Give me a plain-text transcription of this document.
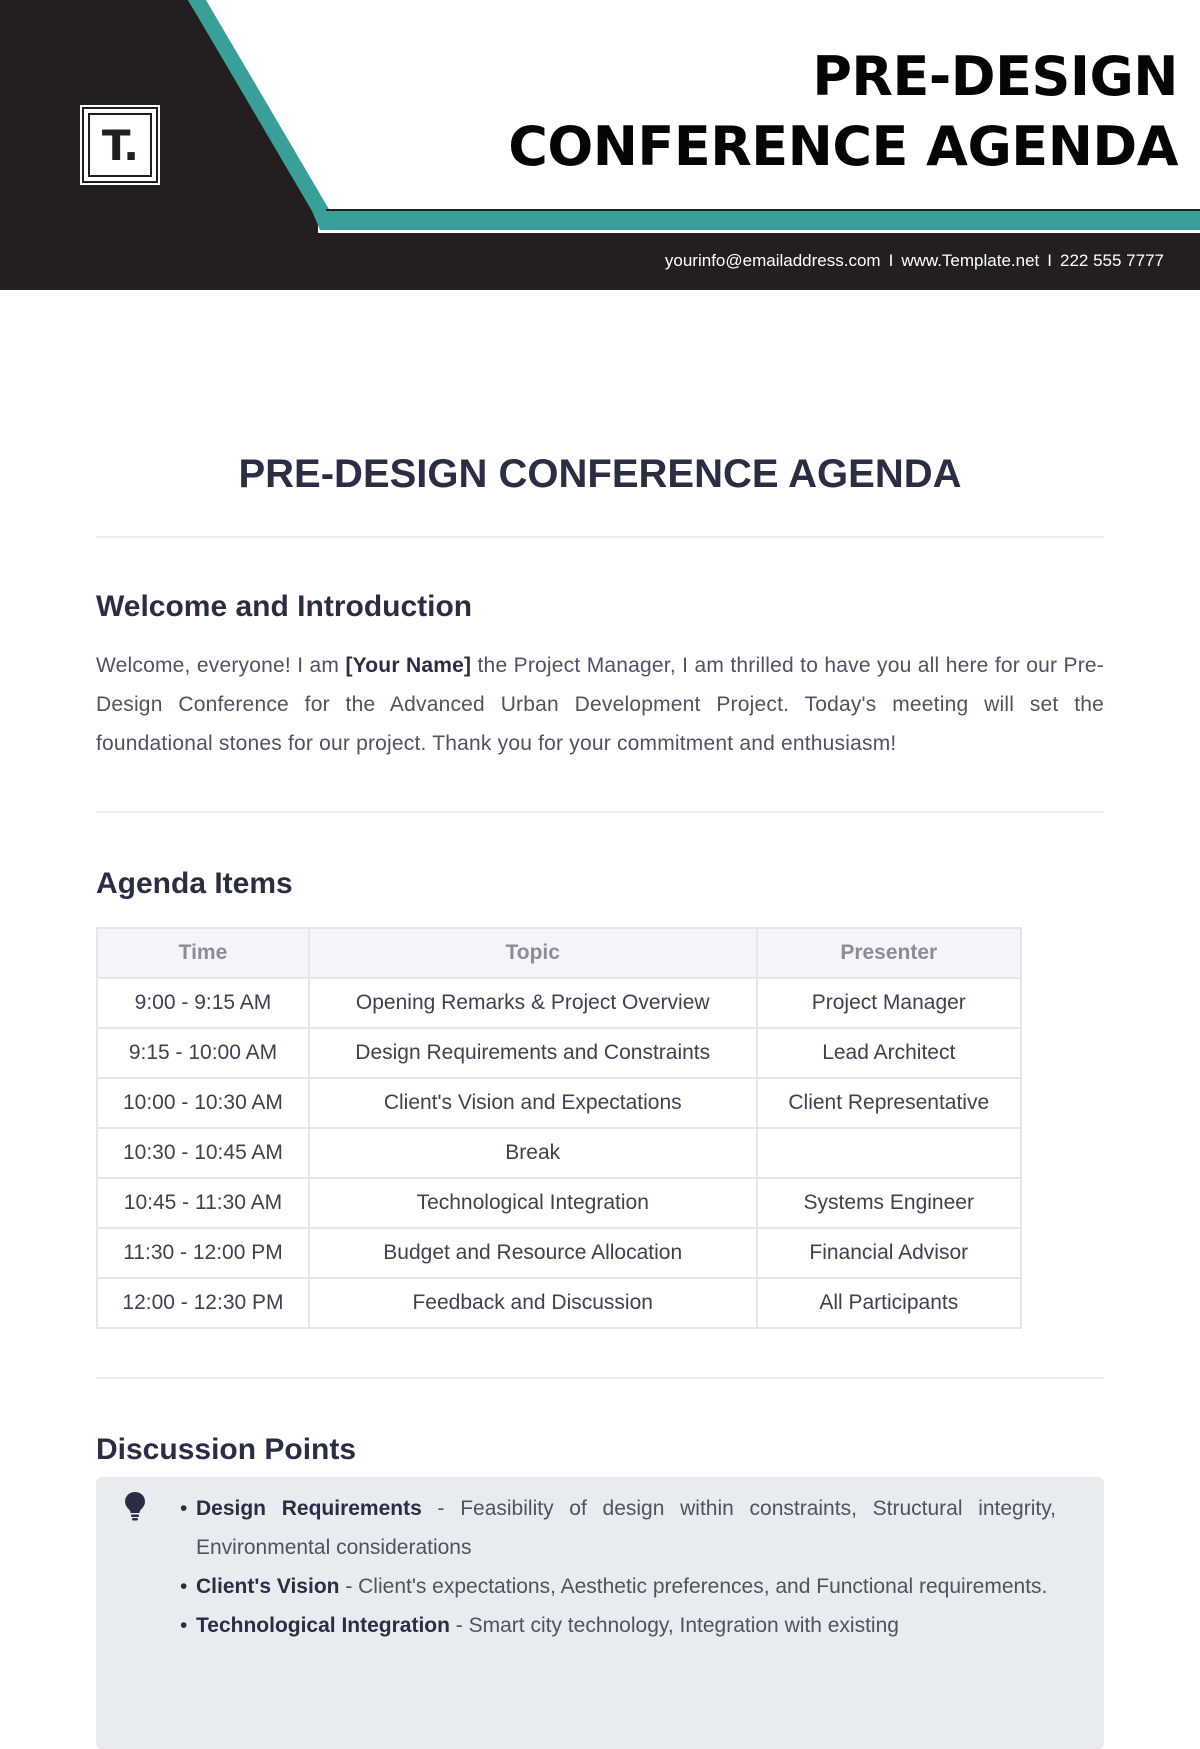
T.
PRE-DESIGN
CONFERENCE AGENDA
yourinfo@emailaddress.com I www.Template.net I 222 555 7777
PRE-DESIGN CONFERENCE AGENDA
Welcome and Introduction

Welcome, everyone! I am [Your Name] the Project Manager, I am thrilled to have you all here for our Pre-Design Conference for the Advanced Urban Development Project. Today's meeting will set the foundational stones for our project. Thank you for your commitment and enthusiasm!

Agenda Items
Time	Topic	Presenter
9:00 - 9:15 AM	Opening Remarks & Project Overview	Project Manager
9:15 - 10:00 AM	Design Requirements and Constraints	Lead Architect
10:00 - 10:30 AM	Client's Vision and Expectations	Client Representative
10:30 - 10:45 AM	Break	
10:45 - 11:30 AM	Technological Integration	Systems Engineer
11:30 - 12:00 PM	Budget and Resource Allocation	Financial Advisor
12:00 - 12:30 PM	Feedback and Discussion	All Participants
Discussion Points
• Design Requirements - Feasibility of design within constraints, Structural integrity, Environmental considerations
• Client's Vision - Client's expectations, Aesthetic preferences, and Functional requirements.
• Technological Integration - Smart city technology, Integration with existing
